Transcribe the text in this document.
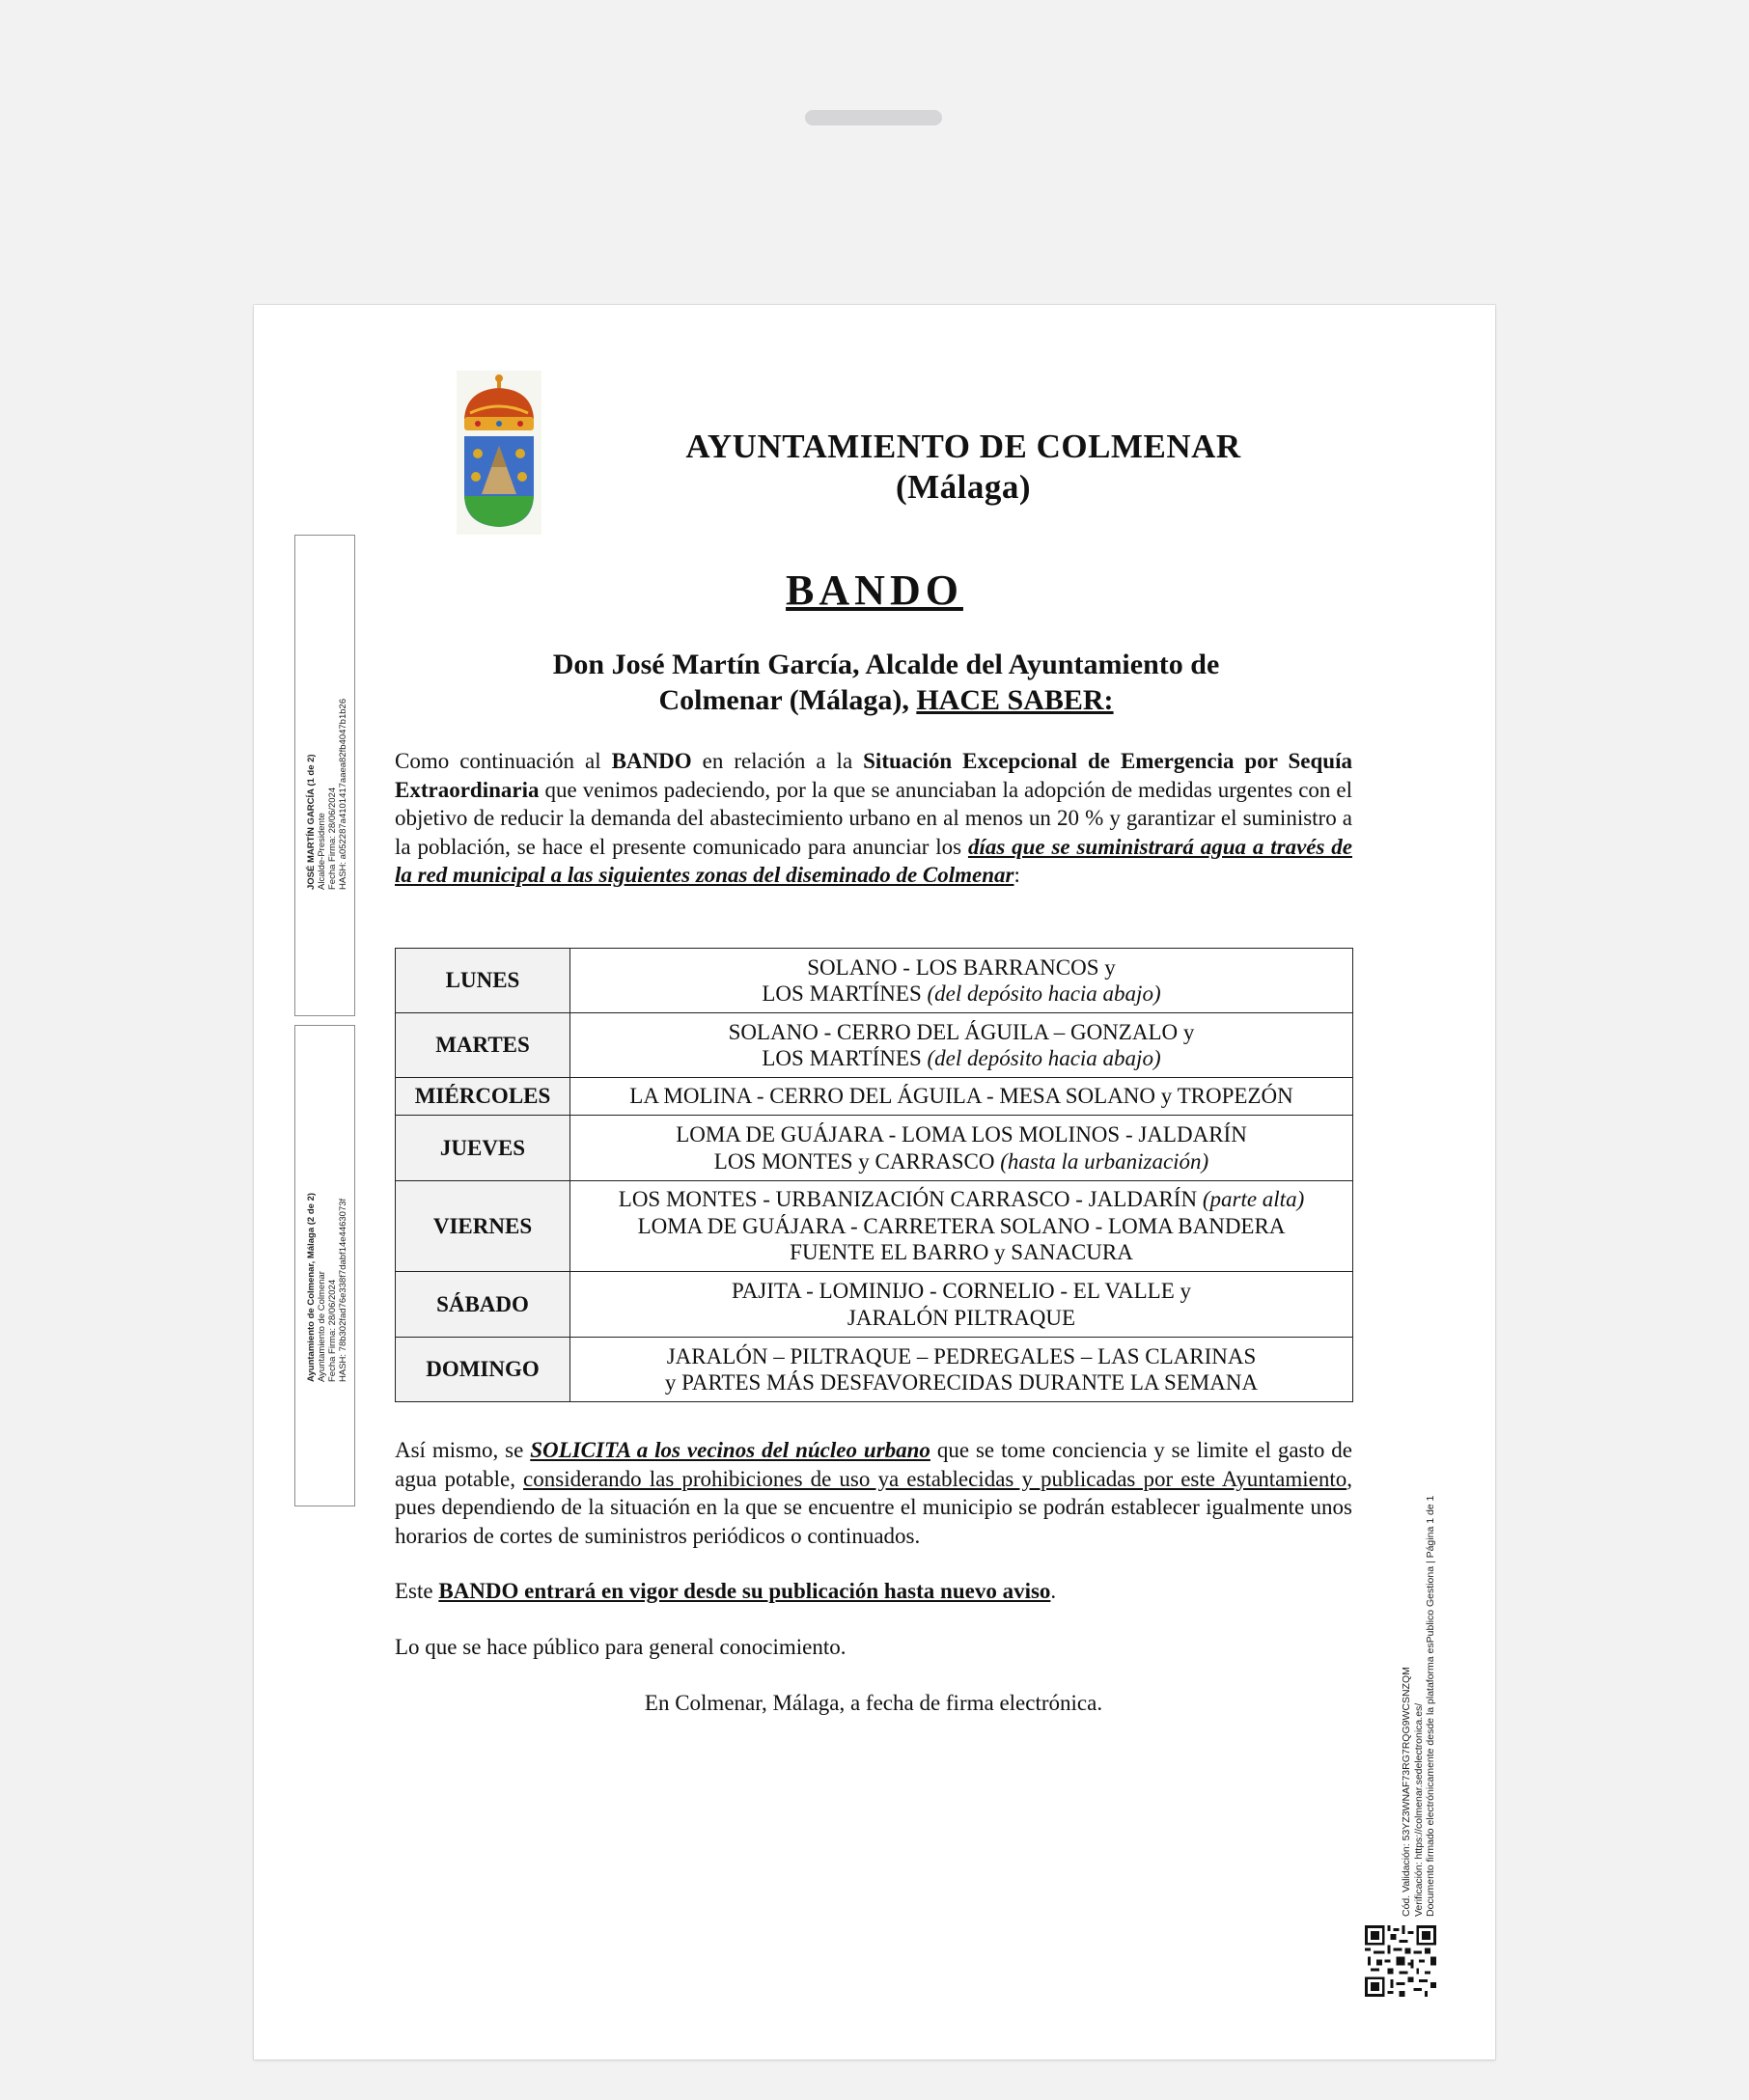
AYUNTAMIENTO DE COLMENAR
(Málaga)
BANDO
Don José Martín García, Alcalde del Ayuntamiento de
Colmenar (Málaga), HACE SABER:
Como continuación al BANDO en relación a la Situación Excepcional de Emergencia por Sequía Extraordinaria que venimos padeciendo, por la que se anunciaban la adopción de medidas urgentes con el objetivo de reducir la demanda del abastecimiento urbano en al menos un 20 % y garantizar el suministro a la población, se hace el presente comunicado para anunciar los días que se suministrará agua a través de la red municipal a las siguientes zonas del diseminado de Colmenar:
LUNES	SOLANO - LOS BARRANCOS y
LOS MARTÍNES (del depósito hacia abajo)

MARTES	SOLANO - CERRO DEL ÁGUILA – GONZALO y
LOS MARTÍNES (del depósito hacia abajo)

MIÉRCOLES	LA MOLINA - CERRO DEL ÁGUILA - MESA SOLANO y TROPEZÓN

JUEVES	LOMA DE GUÁJARA - LOMA LOS MOLINOS - JALDARÍN
LOS MONTES y CARRASCO (hasta la urbanización)

VIERNES	LOS MONTES - URBANIZACIÓN CARRASCO - JALDARÍN (parte alta)
LOMA DE GUÁJARA - CARRETERA SOLANO - LOMA BANDERA
FUENTE EL BARRO y SANACURA

SÁBADO	PAJITA - LOMINIJO - CORNELIO - EL VALLE y
JARALÓN PILTRAQUE

DOMINGO	JARALÓN – PILTRAQUE – PEDREGALES – LAS CLARINAS
y PARTES MÁS DESFAVORECIDAS DURANTE LA SEMANA
Así mismo, se SOLICITA a los vecinos del núcleo urbano que se tome conciencia y se limite el gasto de agua potable, considerando las prohibiciones de uso ya establecidas y publicadas por este Ayuntamiento, pues dependiendo de la situación en la que se encuentre el municipio se podrán establecer igualmente unos horarios de cortes de suministros periódicos o continuados.
Este BANDO entrará en vigor desde su publicación hasta nuevo aviso.
Lo que se hace público para general conocimiento.
En Colmenar, Málaga, a fecha de firma electrónica.
JOSÉ MARTÍN GARCÍA (1 de 2) Alcalde-Presidente Fecha Firma: 28/06/2024 HASH: a052287a4101417aaea82fb4047b1b26
Ayuntamiento de Colmenar, Málaga (2 de 2) Ayuntamiento de Colmenar Fecha Firma: 28/06/2024 HASH: 78b302fad76e338f7dabf14e4463073f
Cód. Validación: 53YZ3WNAF73RG7RQG9WCSNZQM Verificación: https://colmenar.sedelectronica.es/ Documento firmado electrónicamente desde la plataforma esPublico Gestiona | Página 1 de 1
